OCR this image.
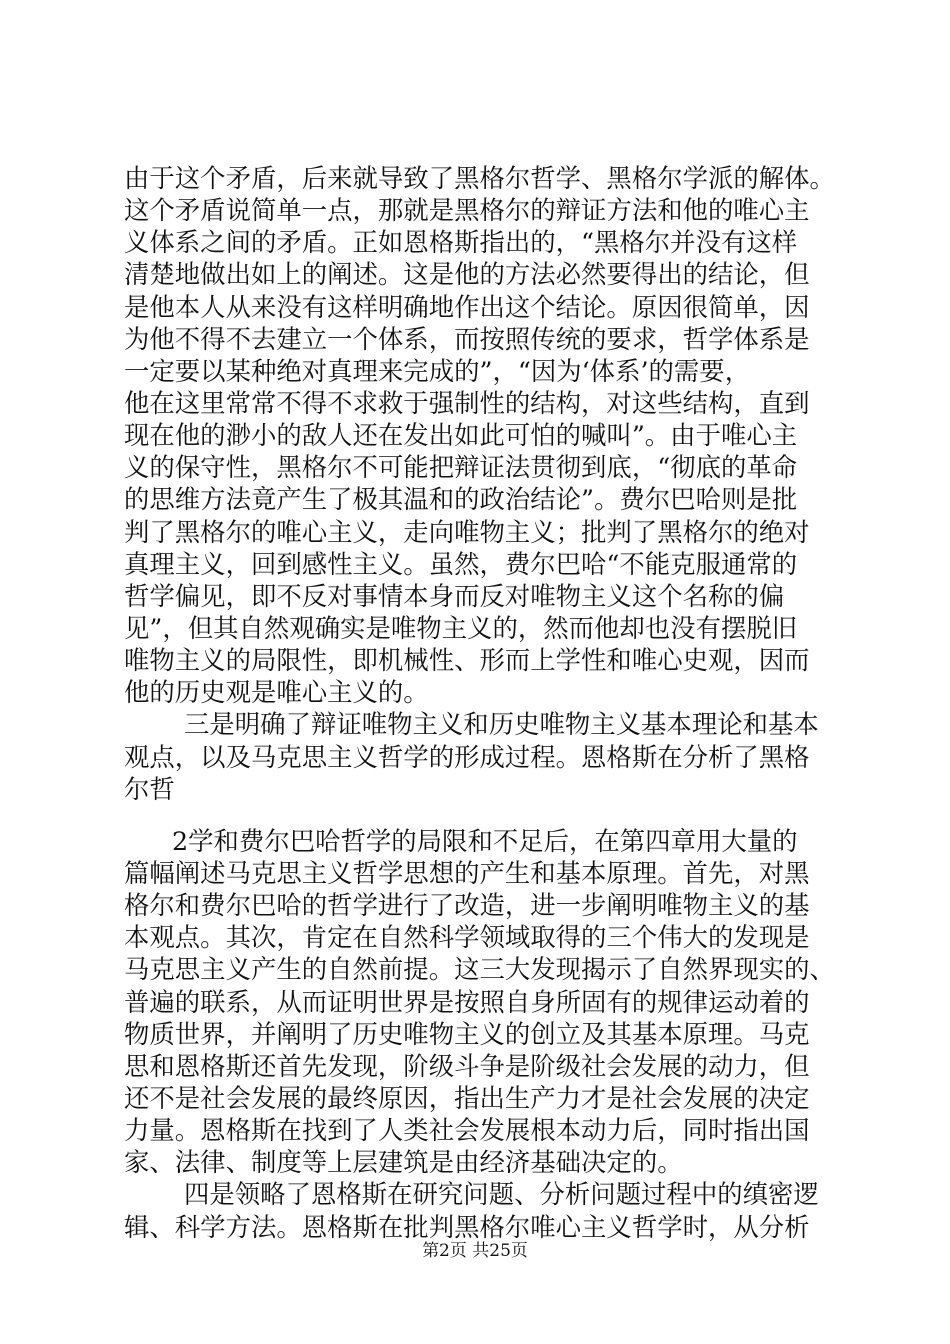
由于这个矛盾，后来就导致了黑格尔哲学、黑格尔学派的解体。
这个矛盾说简单一点，那就是黑格尔的辩证方法和他的唯心主
义体系之间的矛盾。正如恩格斯指出的，“黑格尔并没有这样
清楚地做出如上的阐述。这是他的方法必然要得出的结论，但
是他本人从来没有这样明确地作出这个结论。原因很简单，因
为他不得不去建立一个体系，而按照传统的要求，哲学体系是
一定要以某种绝对真理来完成的”，“因为‘体系’的需要，
他在这里常常不得不求救于强制性的结构，对这些结构，直到
现在他的渺小的敌人还在发出如此可怕的喊叫”。由于唯心主
义的保守性，黑格尔不可能把辩证法贯彻到底，“彻底的革命
的思维方法竟产生了极其温和的政治结论”。费尔巴哈则是批
判了黑格尔的唯心主义，走向唯物主义；批判了黑格尔的绝对
真理主义，回到感性主义。虽然，费尔巴哈“不能克服通常的
哲学偏见，即不反对事情本身而反对唯物主义这个名称的偏
见”，但其自然观确实是唯物主义的，然而他却也没有摆脱旧
唯物主义的局限性，即机械性、形而上学性和唯心史观，因而
他的历史观是唯心主义的。
三是明确了辩证唯物主义和历史唯物主义基本理论和基本
观点，以及马克思主义哲学的形成过程。恩格斯在分析了黑格
尔哲
2学和费尔巴哈哲学的局限和不足后，在第四章用大量的
篇幅阐述马克思主义哲学思想的产生和基本原理。首先，对黑
格尔和费尔巴哈的哲学进行了改造，进一步阐明唯物主义的基
本观点。其次，肯定在自然科学领域取得的三个伟大的发现是
马克思主义产生的自然前提。这三大发现揭示了自然界现实的、
普遍的联系，从而证明世界是按照自身所固有的规律运动着的
物质世界，并阐明了历史唯物主义的创立及其基本原理。马克
思和恩格斯还首先发现，阶级斗争是阶级社会发展的动力，但
还不是社会发展的最终原因，指出生产力才是社会发展的决定
力量。恩格斯在找到了人类社会发展根本动力后，同时指出国
家、法律、制度等上层建筑是由经济基础决定的。
四是领略了恩格斯在研究问题、分析问题过程中的缜密逻
辑、科学方法。恩格斯在批判黑格尔唯心主义哲学时，从分析
第2页 共25页
